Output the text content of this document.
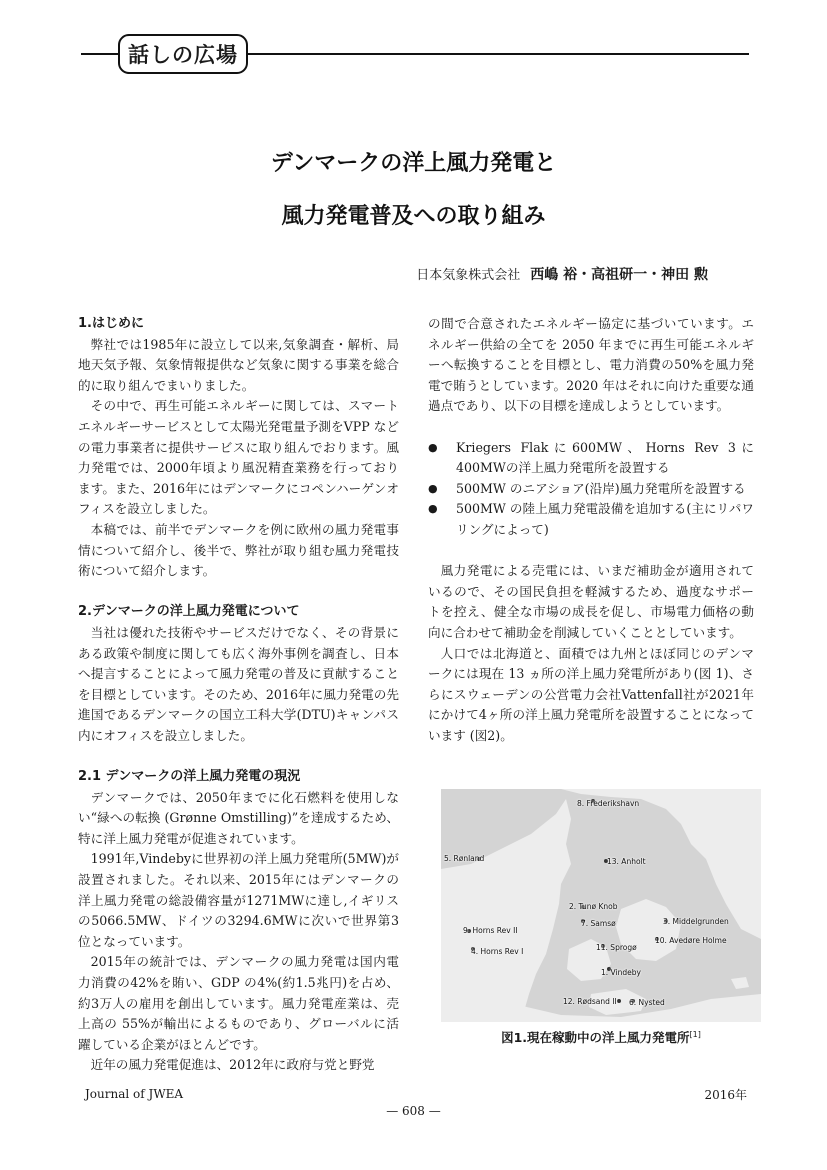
話しの広場
デンマークの洋上風力発電と
風力発電普及への取り組み
日本気象株式会社 西嶋 裕・高祖研一・神田 勲
1.はじめに

弊社では1985年に設立して以来,気象調査・解析、局地天気予報、気象情報提供など気象に関する事業を総合的に取り組んでまいりました。

その中で、再生可能エネルギーに関しては、スマートエネルギーサービスとして太陽光発電量予測をVPP などの電力事業者に提供サービスに取り組んでおります。風力発電では、2000年頃より風況精査業務を行っております。また、2016年にはデンマークにコペンハーゲンオフィスを設立しました。

本稿では、前半でデンマークを例に欧州の風力発電事情について紹介し、後半で、弊社が取り組む風力発電技術について紹介します。

2.デンマークの洋上風力発電について

当社は優れた技術やサービスだけでなく、その背景にある政策や制度に関しても広く海外事例を調査し、日本へ提言することによって風力発電の普及に貢献することを目標としています。そのため、2016年に風力発電の先進国であるデンマークの国立工科大学(DTU)キャンパス内にオフィスを設立しました。

2.1 デンマークの洋上風力発電の現況

デンマークでは、2050年までに化石燃料を使用しない“緑への転換 (Grønne Omstilling)”を達成するため、特に洋上風力発電が促進されています。

1991年,Vindebyに世界初の洋上風力発電所(5MW)が設置されました。それ以来、2015年にはデンマークの洋上風力発電の総設備容量が1271MWに達し,イギリスの5066.5MW、ドイツの3294.6MWに次いで世界第3位となっています。

2015年の統計では、デンマークの風力発電は国内電力消費の42%を賄い、GDP の4%(約1.5兆円)を占め、約3万人の雇用を創出しています。風力発電産業は、売上高の 55%が輸出によるものであり、グローバルに活躍している企業がほとんどです。

近年の風力発電促進は、2012年に政府与党と野党

の間で合意されたエネルギー協定に基づいています。エネルギー供給の全てを 2050 年までに再生可能エネルギーへ転換することを目標とし、電力消費の50%を風力発電で賄うとしています。2020 年はそれに向けた重要な通過点であり、以下の目標を達成しようとしています。

● Kriegers Flakに600MW、Horns Rev 3に400MWの洋上風力発電所を設置する
● 500MW のニアショア(沿岸)風力発電所を設置する
● 500MW の陸上風力発電設備を追加する(主にリパワリングによって)

風力発電による売電には、いまだ補助金が適用されているので、その国民負担を軽減するため、過度なサポートを控え、健全な市場の成長を促し、市場電力価格の動向に合わせて補助金を削減していくこととしています。

人口では北海道と、面積では九州とほぼ同じのデンマークには現在 13 ヵ所の洋上風力発電所があり(図 1)、さらにスウェーデンの公営電力会社Vattenfall社が2021年にかけて4ヶ所の洋上風力発電所を設置することになっています (図2)。

8. Frederikshavn
13. Anholt
5. Rønland
2. Tunø Knob
7. Samsø	3. Middelgrunden
9. Horns Rev II
10. Avedøre Holme
4. Horns Rev I	11. Sprogø
1. Vindeby
12. Rødsand II 6. Nysted
図1.現在稼動中の洋上風力発電所[1]
Journal of JWEA	2016年
— 608 —
